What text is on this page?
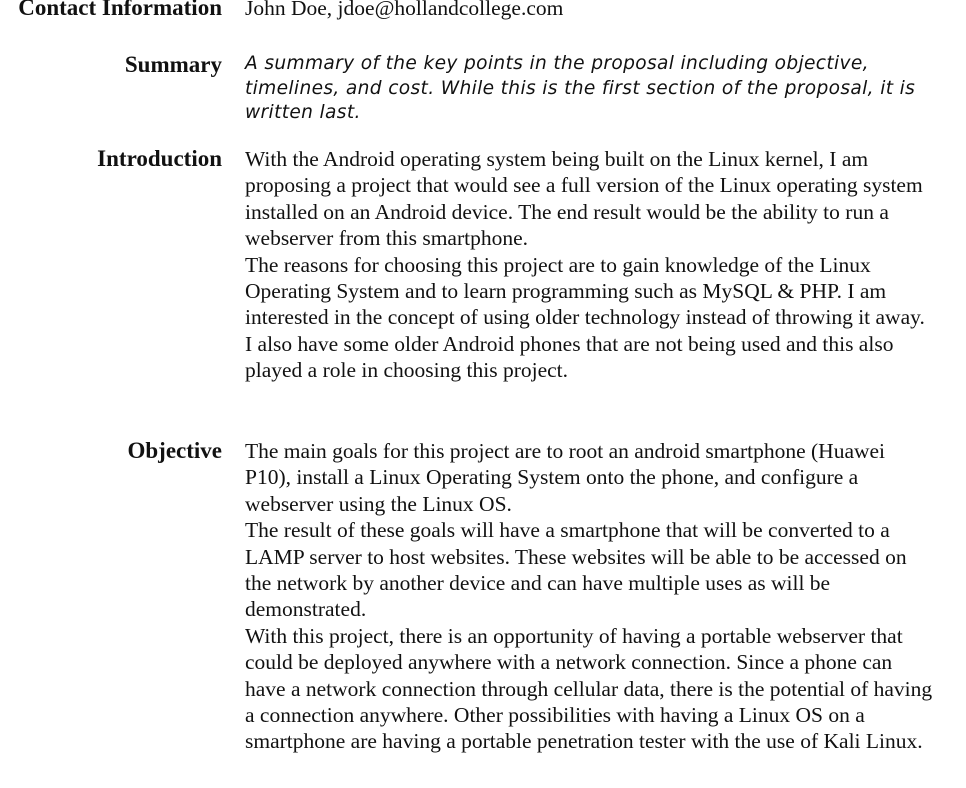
Contact Information John Doe, jdoe@hollandcollege.com
Summary A summary of the key points in the proposal including objective, timelines, and cost. While this is the first section of the proposal, it is written last.
Introduction With the Android operating system being built on the Linux kernel, I am proposing a project that would see a full version of the Linux operating system installed on an Android device. The end result would be the ability to run a webserver from this smartphone.

The reasons for choosing this project are to gain knowledge of the Linux Operating System and to learn programming such as MySQL & PHP. I am interested in the concept of using older technology instead of throwing it away. I also have some older Android phones that are not being used and this also played a role in choosing this project.

Objective The main goals for this project are to root an android smartphone (Huawei P10), install a Linux Operating System onto the phone, and configure a webserver using the Linux OS.

The result of these goals will have a smartphone that will be converted to a LAMP server to host websites. These websites will be able to be accessed on the network by another device and can have multiple uses as will be demonstrated.

With this project, there is an opportunity of having a portable webserver that could be deployed anywhere with a network connection. Since a phone can have a network connection through cellular data, there is the potential of having a connection anywhere. Other possibilities with having a Linux OS on a smartphone are having a portable penetration tester with the use of Kali Linux.
